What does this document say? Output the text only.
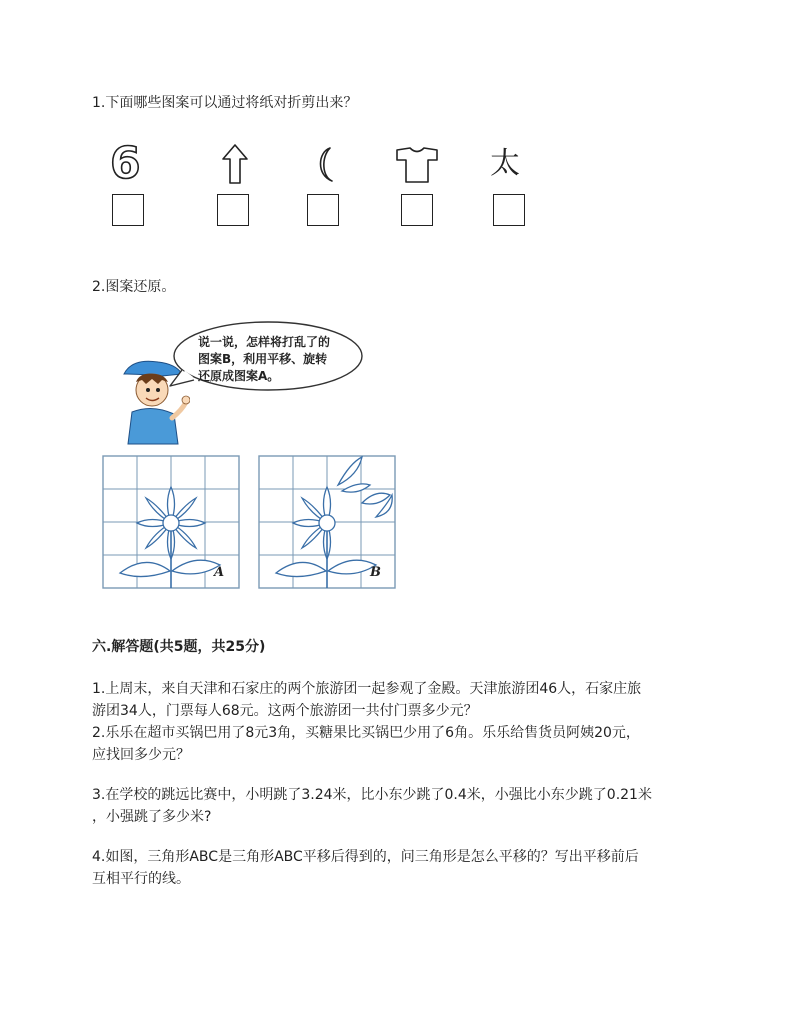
1.下面哪些图案可以通过将纸对折剪出来？
6	太
2.图案还原。
说一说，怎样将打乱了的
图案B，利用平移、旋转
还原成图案A。
A	B
六.解答题(共5题，共25分)
1.上周末，来自天津和石家庄的两个旅游团一起参观了金殿。天津旅游团46人，石家庄旅
游团34人，门票每人68元。这两个旅游团一共付门票多少元？
2.乐乐在超市买锅巴用了8元3角，买糖果比买锅巴少用了6角。乐乐给售货员阿姨20元，
应找回多少元？
3.在学校的跳远比赛中，小明跳了3.24米，比小东少跳了0.4米，小强比小东少跳了0.21米
，小强跳了多少米?
4.如图，三角形ABC是三角形ABC平移后得到的，问三角形是怎么平移的？写出平移前后
互相平行的线。
